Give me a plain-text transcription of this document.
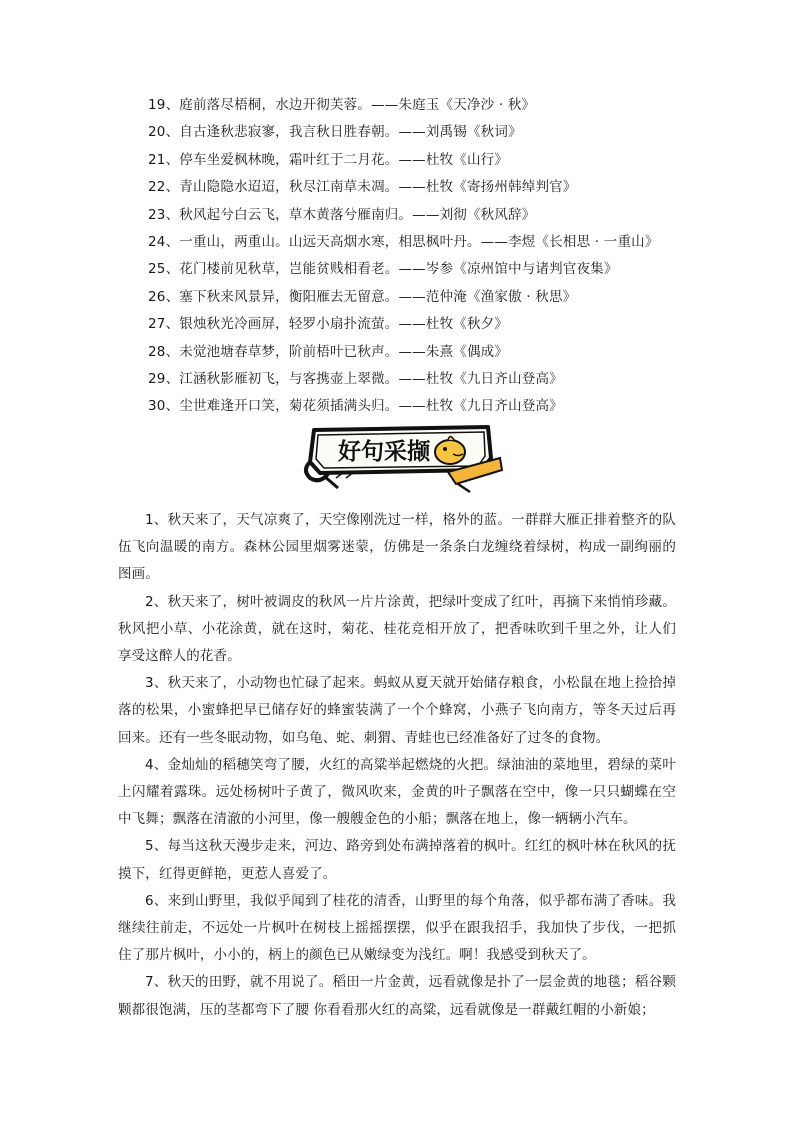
19、庭前落尽梧桐，水边开彻芙蓉。——朱庭玉《天净沙 · 秋》
20、自古逢秋悲寂寥，我言秋日胜春朝。——刘禹锡《秋词》
21、停车坐爱枫林晚，霜叶红于二月花。——杜牧《山行》
22、青山隐隐水迢迢，秋尽江南草未凋。——杜牧《寄扬州韩绰判官》
23、秋风起兮白云飞，草木黄落兮雁南归。——刘彻《秋风辞》
24、一重山，两重山。山远天高烟水寒，相思枫叶丹。——李煜《长相思 · 一重山》
25、花门楼前见秋草，岂能贫贱相看老。——岑参《凉州馆中与诸判官夜集》
26、塞下秋来风景异，衡阳雁去无留意。——范仲淹《渔家傲 · 秋思》
27、银烛秋光冷画屏，轻罗小扇扑流萤。——杜牧《秋夕》
28、未觉池塘春草梦，阶前梧叶已秋声。——朱熹《偶成》
29、江涵秋影雁初飞，与客携壶上翠微。——杜牧《九日齐山登高》
30、尘世难逢开口笑，菊花须插满头归。——杜牧《九日齐山登高》
好句采撷

1、秋天来了，天气凉爽了，天空像刚洗过一样，格外的蓝。一群群大雁正排着整齐的队伍飞向温暖的南方。森林公园里烟雾迷蒙，仿佛是一条条白龙缠绕着绿树，构成一副绚丽的图画。

2、秋天来了，树叶被调皮的秋风一片片涂黄，把绿叶变成了红叶，再摘下来悄悄珍藏。秋风把小草、小花涂黄，就在这时，菊花、桂花竞相开放了，把香味吹到千里之外，让人们享受这醉人的花香。

3、秋天来了，小动物也忙碌了起来。蚂蚁从夏天就开始储存粮食，小松鼠在地上捡拾掉落的松果，小蜜蜂把早已储存好的蜂蜜装满了一个个蜂窝，小燕子飞向南方，等冬天过后再回来。还有一些冬眠动物，如乌龟、蛇、刺猬、青蛙也已经准备好了过冬的食物。

4、金灿灿的稻穗笑弯了腰，火红的高粱举起燃烧的火把。绿油油的菜地里，碧绿的菜叶上闪耀着露珠。远处杨树叶子黄了，微风吹来，金黄的叶子飘落在空中，像一只只蝴蝶在空中飞舞；飘落在清澈的小河里，像一艘艘金色的小船；飘落在地上，像一辆辆小汽车。

5、每当这秋天漫步走来，河边、路旁到处布满掉落着的枫叶。红红的枫叶林在秋风的抚摸下，红得更鲜艳，更惹人喜爱了。

6、来到山野里，我似乎闻到了桂花的清香，山野里的每个角落，似乎都布满了香味。我继续往前走，不远处一片枫叶在树枝上摇摇摆摆，似乎在跟我招手，我加快了步伐，一把抓住了那片枫叶，小小的，柄上的颜色已从嫩绿变为浅红。啊！我感受到秋天了。

7、秋天的田野，就不用说了。稻田一片金黄，远看就像是扑了一层金黄的地毯；稻谷颗颗都很饱满，压的茎都弯下了腰 你看看那火红的高粱，远看就像是一群戴红帽的小新娘；
